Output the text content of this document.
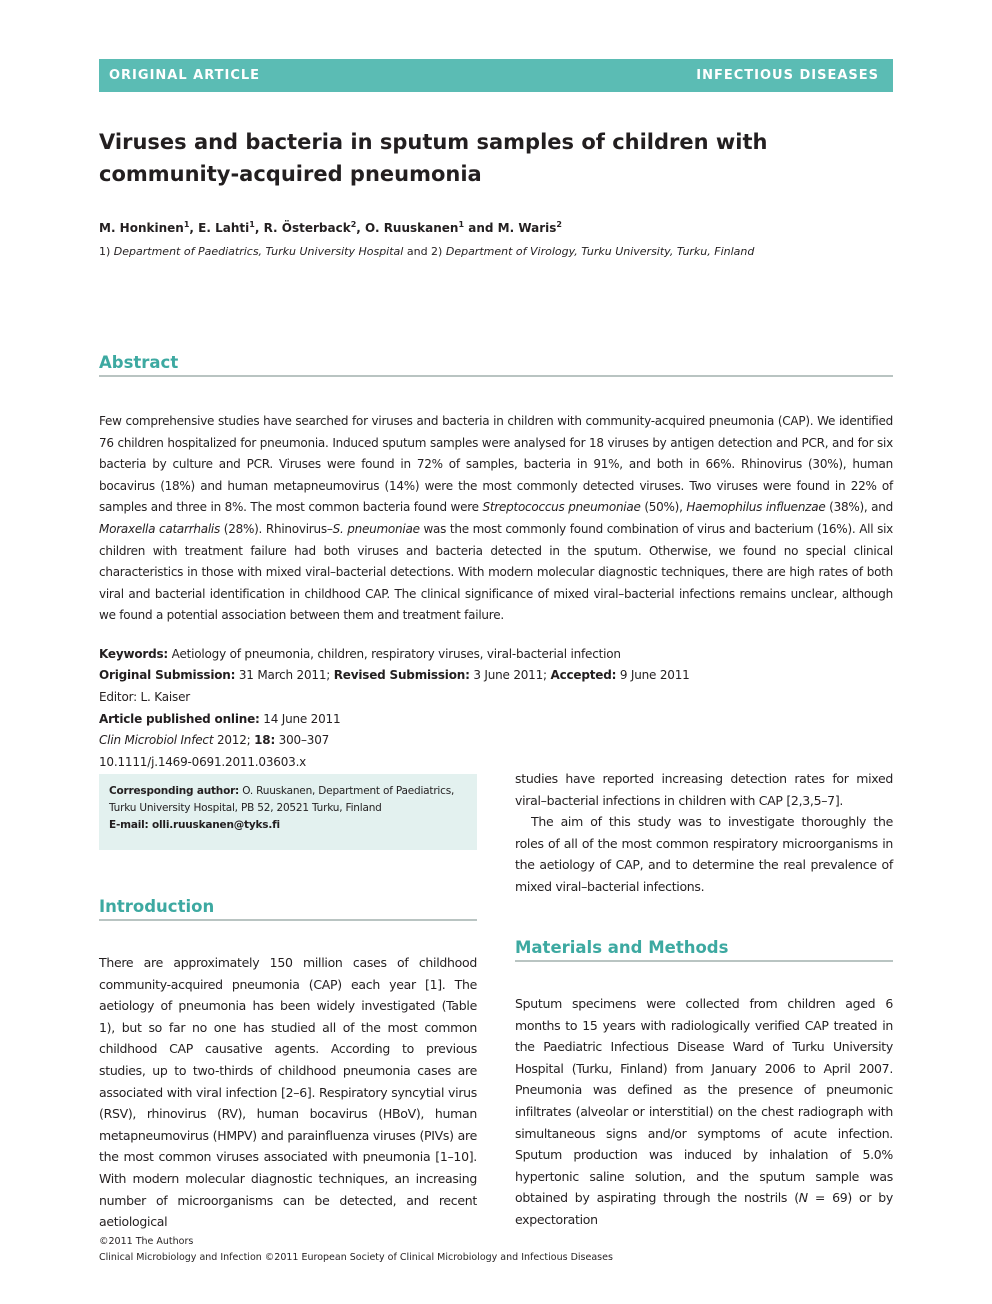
ORIGINAL ARTICLE	INFECTIOUS DISEASES
Viruses and bacteria in sputum samples of children with
community-acquired pneumonia
M. Honkinen$^1$, E. Lahti$^1$, R. Österback$^2$, O. Ruuskanen$^1$ and M. Waris$^2$
1) Department of Paediatrics, Turku University Hospital and 2) Department of Virology, Turku University, Turku, Finland
Abstract

Few comprehensive studies have searched for viruses and bacteria in children with community-acquired pneumonia (CAP). We identified 76 children hospitalized for pneumonia. Induced sputum samples were analysed for 18 viruses by antigen detection and PCR, and for six bacteria by culture and PCR. Viruses were found in 72% of samples, bacteria in 91%, and both in 66%. Rhinovirus (30%), human bocavirus (18%) and human metapneumovirus (14%) were the most commonly detected viruses. Two viruses were found in 22% of samples and three in 8%. The most common bacteria found were Streptococcus pneumoniae (50%), Haemophilus influenzae (38%), and Moraxella catarrhalis (28%). Rhinovirus–S. pneumoniae was the most commonly found combination of virus and bacterium (16%). All six children with treatment failure had both viruses and bacteria detected in the sputum. Otherwise, we found no special clinical characteristics in those with mixed viral–bacterial detections. With modern molecular diagnostic techniques, there are high rates of both viral and bacterial identification in childhood CAP. The clinical significance of mixed viral–bacterial infections remains unclear, although we found a potential association between them and treatment failure.

Keywords: Aetiology of pneumonia, children, respiratory viruses, viral-bacterial infection
Original Submission: 31 March 2011; Revised Submission: 3 June 2011; Accepted: 9 June 2011
Editor: L. Kaiser
Article published online: 14 June 2011
Clin Microbiol Infect 2012; 18: 300–307
10.1111/j.1469-0691.2011.03603.x
Corresponding author: O. Ruuskanen, Department of Paediatrics,
Turku University Hospital, PB 52, 20521 Turku, Finland
E-mail: olli.ruuskanen@tyks.fi
Introduction

There are approximately 150 million cases of childhood community-acquired pneumonia (CAP) each year [1]. The aetiology of pneumonia has been widely investigated (Table 1), but so far no one has studied all of the most common childhood CAP causative agents. According to previous studies, up to two-thirds of childhood pneumonia cases are associated with viral infection [2–6]. Respiratory syncytial virus (RSV), rhinovirus (RV), human bocavirus (HBoV), human metapneumovirus (HMPV) and parainfluenza viruses (PIVs) are the most common viruses associated with pneumonia [1–10]. With modern molecular diagnostic techniques, an increasing number of microorganisms can be detected, and recent aetiological

studies have reported increasing detection rates for mixed viral–bacterial infections in children with CAP [2,3,5–7].

The aim of this study was to investigate thoroughly the roles of all of the most common respiratory microorganisms in the aetiology of CAP, and to determine the real prevalence of mixed viral–bacterial infections.

Materials and Methods

Sputum specimens were collected from children aged 6 months to 15 years with radiologically verified CAP treated in the Paediatric Infectious Disease Ward of Turku University Hospital (Turku, Finland) from January 2006 to April 2007. Pneumonia was defined as the presence of pneumonic infiltrates (alveolar or interstitial) on the chest radiograph with simultaneous signs and/or symptoms of acute infection. Sputum production was induced by inhalation of 5.0% hypertonic saline solution, and the sputum sample was obtained by aspirating through the nostrils (N = 69) or by expectoration

©2011 The Authors
Clinical Microbiology and Infection ©2011 European Society of Clinical Microbiology and Infectious Diseases
